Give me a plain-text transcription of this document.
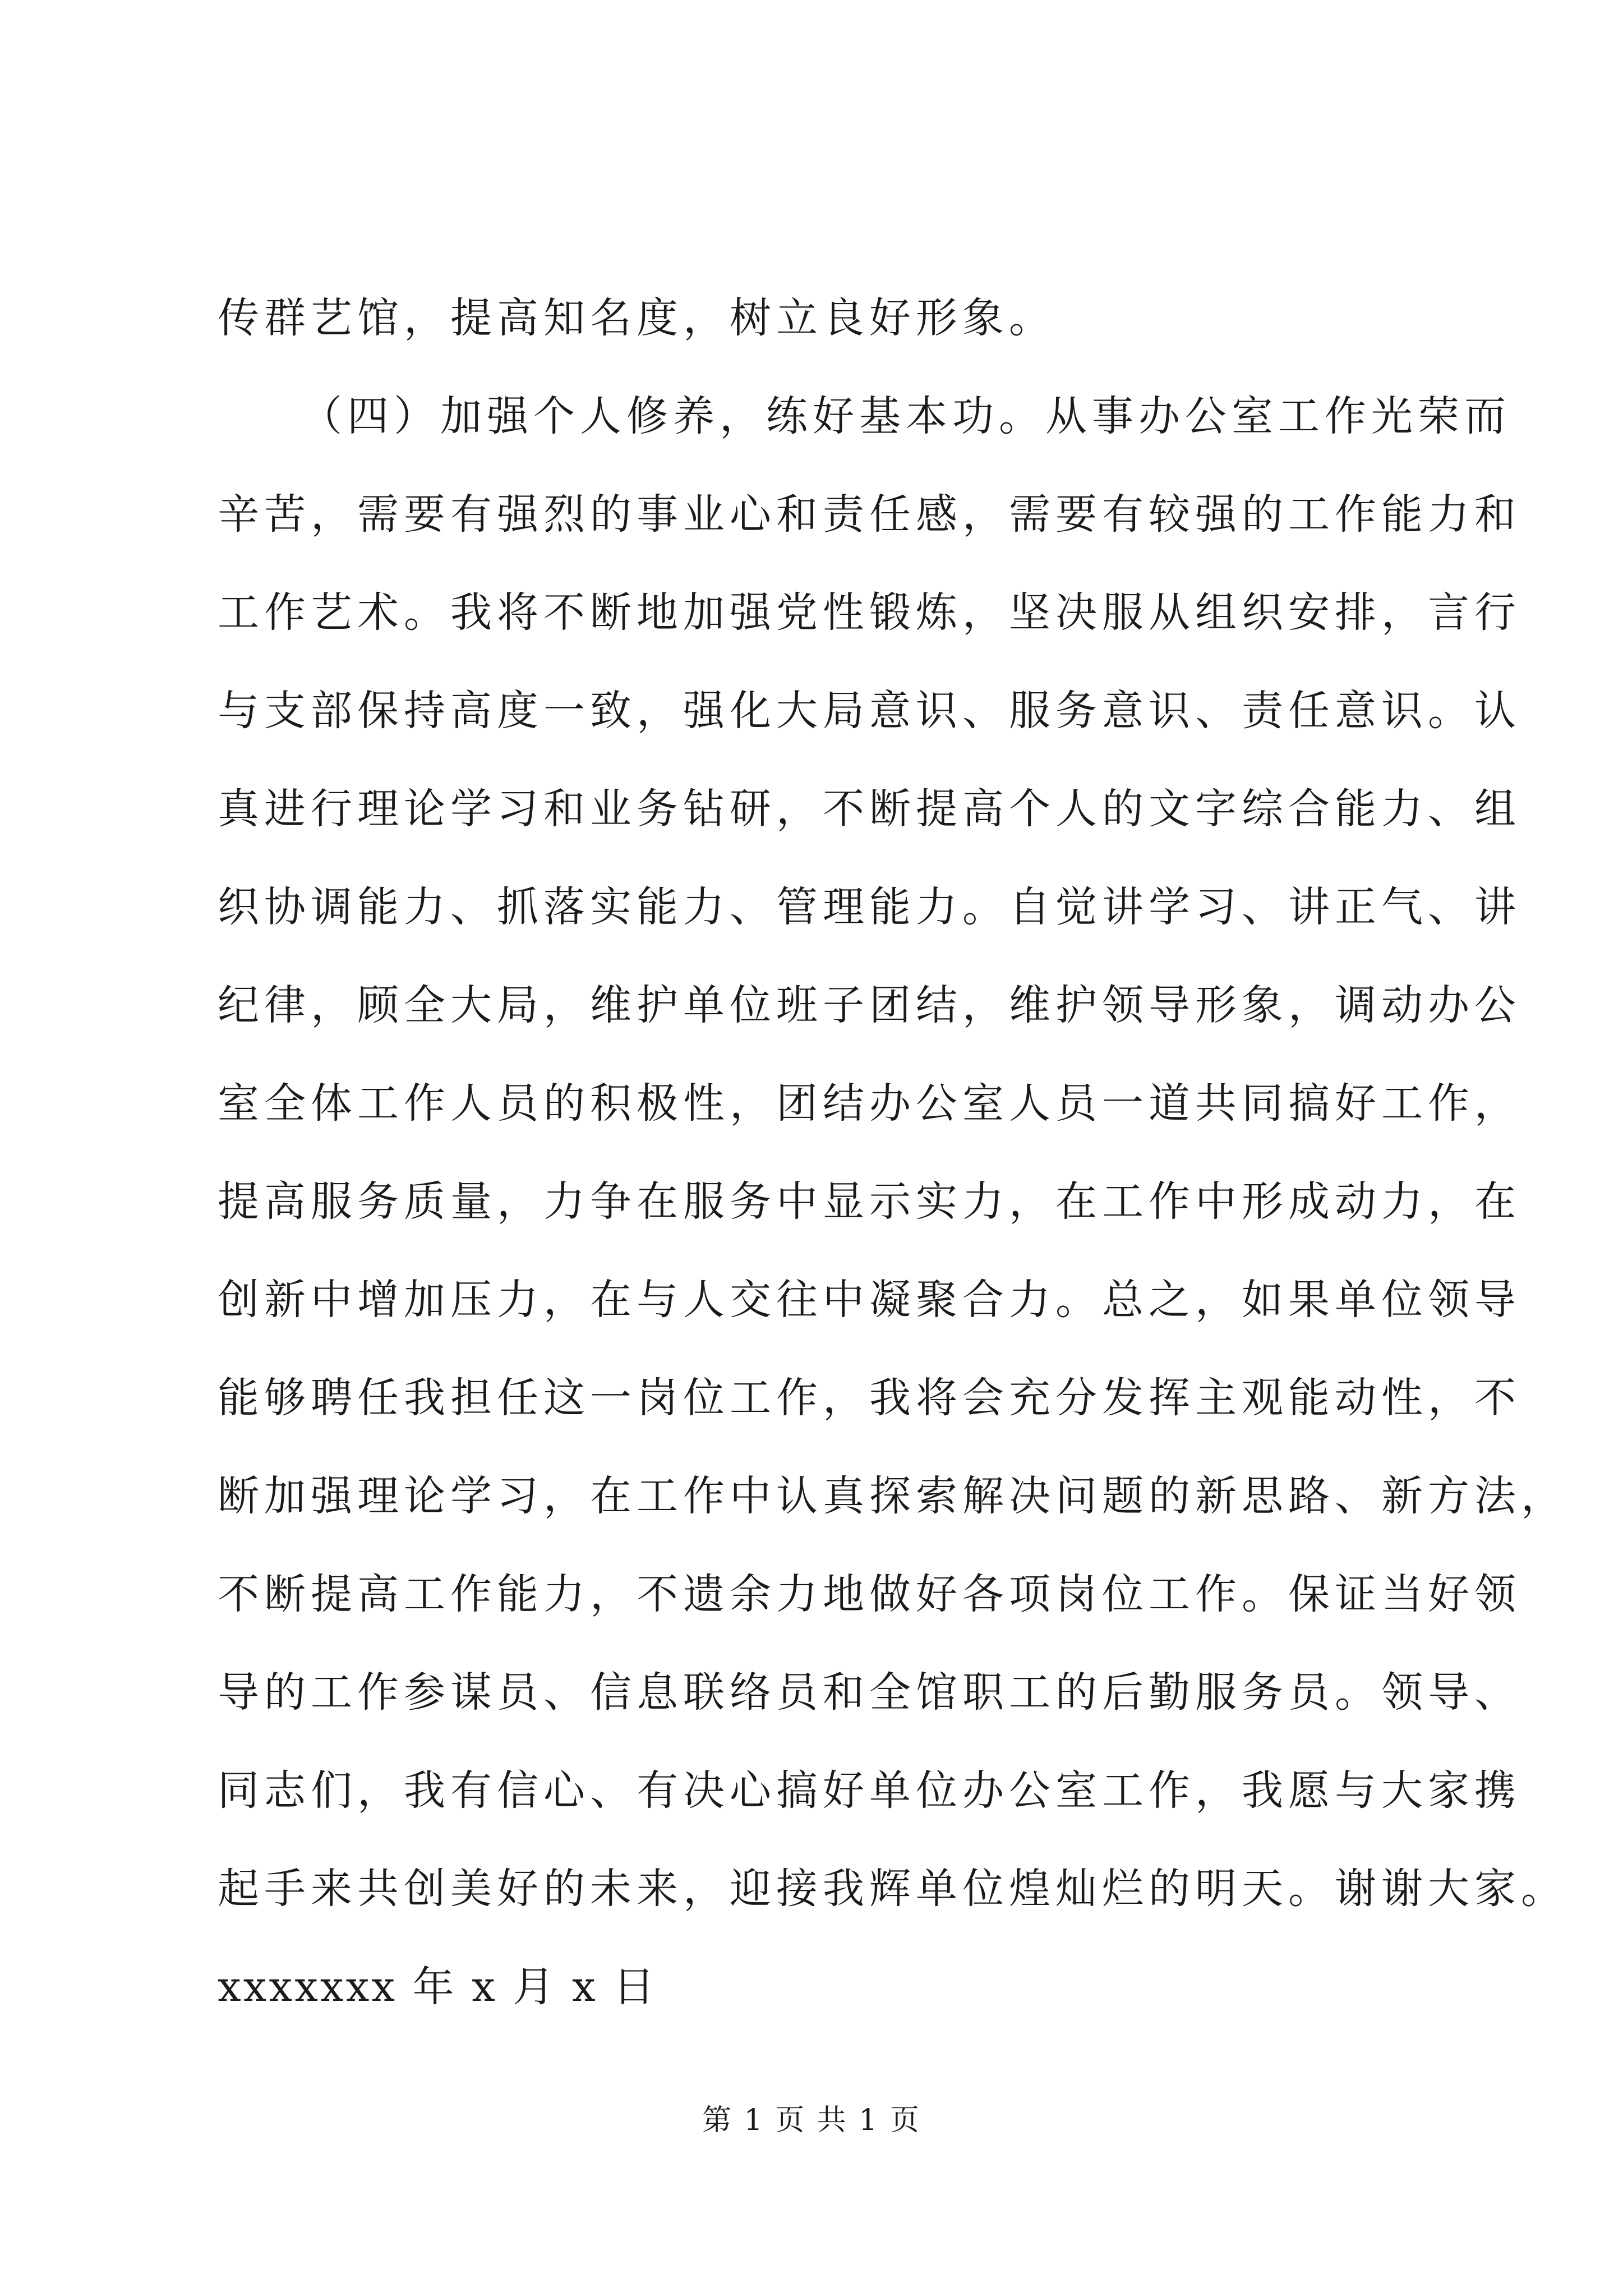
传群艺馆，提高知名度，树立良好形象。
（四）加强个人修养，练好基本功。从事办公室工作光荣而
辛苦，需要有强烈的事业心和责任感，需要有较强的工作能力和
工作艺术。我将不断地加强党性锻炼，坚决服从组织安排，言行
与支部保持高度一致，强化大局意识、服务意识、责任意识。认
真进行理论学习和业务钻研，不断提高个人的文字综合能力、组
织协调能力、抓落实能力、管理能力。自觉讲学习、讲正气、讲
纪律，顾全大局，维护单位班子团结，维护领导形象，调动办公
室全体工作人员的积极性，团结办公室人员一道共同搞好工作，
提高服务质量，力争在服务中显示实力，在工作中形成动力，在
创新中增加压力，在与人交往中凝聚合力。总之，如果单位领导
能够聘任我担任这一岗位工作，我将会充分发挥主观能动性，不
断加强理论学习，在工作中认真探索解决问题的新思路、新方法，
不断提高工作能力，不遗余力地做好各项岗位工作。保证当好领
导的工作参谋员、信息联络员和全馆职工的后勤服务员。领导、
同志们，我有信心、有决心搞好单位办公室工作，我愿与大家携
起手来共创美好的未来，迎接我辉单位煌灿烂的明天。谢谢大家。
xxxxxxx 年 x 月 x 日
第 1 页 共 1 页
